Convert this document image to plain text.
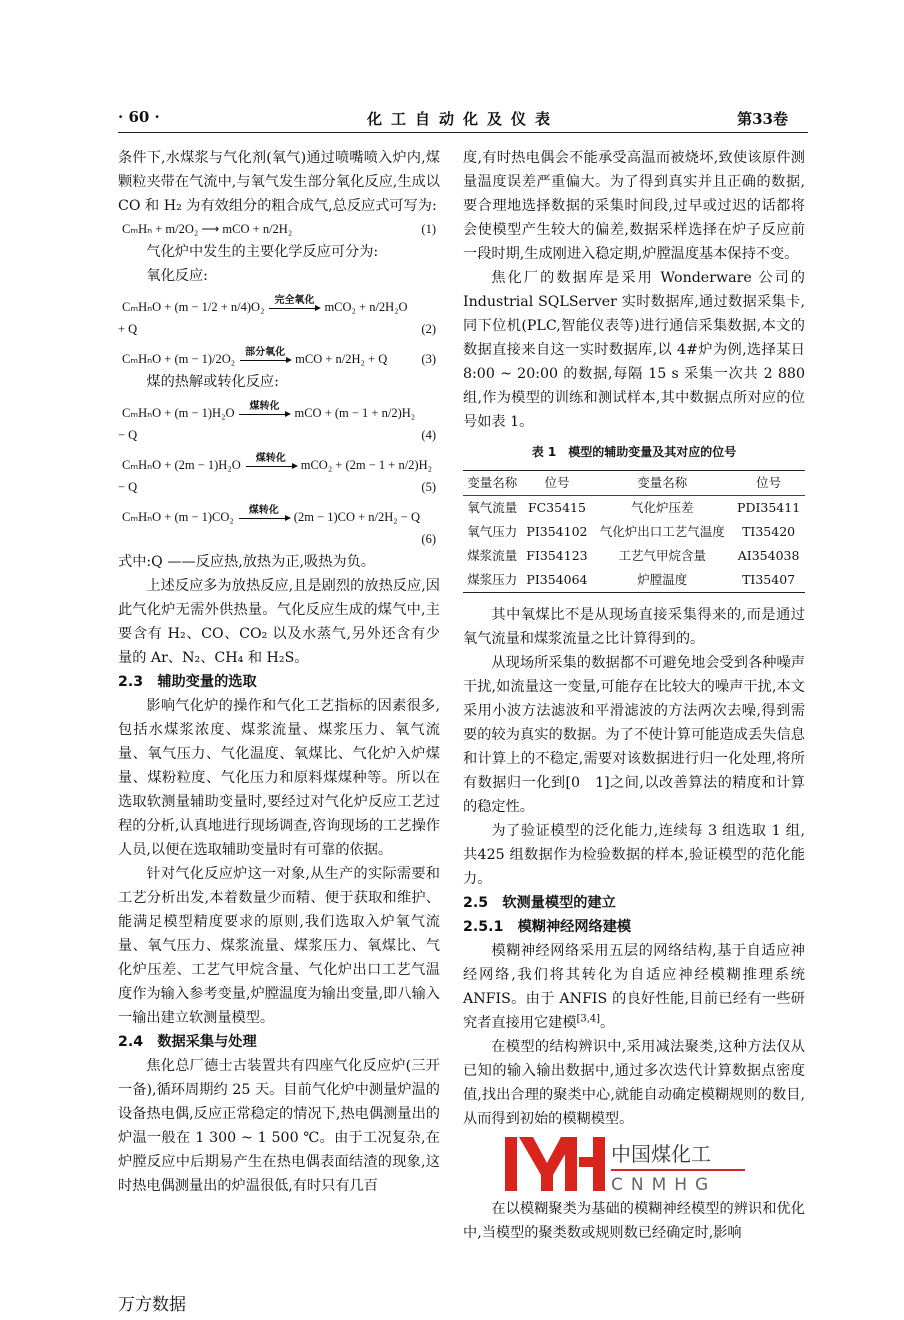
· 60 ·	化工自动化及仪表	第33卷

条件下,水煤浆与气化剂(氧气)通过喷嘴喷入炉内,煤颗粒夹带在气流中,与氧气发生部分氧化反应,生成以 CO 和 H₂ 为有效组分的粗合成气,总反应式可写为:

CₘHₙ + m/2O₂ ⟶ mCO + n/2H₂	(1)

气化炉中发生的主要化学反应可分为:

氧化反应:

CₘHₙO + (m − 1/2 + n/4)O₂ 完全氧化 mCO₂ + n/2H₂O
+ Q	(2)
CₘHₙO + (m − 1)/2O₂ 部分氧化 mCO + n/2H₂ + Q	(3)

煤的热解或转化反应:

CₘHₙO + (m − 1)H₂O 煤转化 mCO + (m − 1 + n/2)H₂
− Q	(4)
CₘHₙO + (2m − 1)H₂O 煤转化 mCO₂ + (2m − 1 + n/2)H₂
− Q	(5)
CₘHₙO + (m − 1)CO₂ 煤转化 (2m − 1)CO + n/2H₂ − Q
(6)

式中:Q ——反应热,放热为正,吸热为负。

上述反应多为放热反应,且是剧烈的放热反应,因此气化炉无需外供热量。气化反应生成的煤气中,主要含有 H₂、CO、CO₂ 以及水蒸气,另外还含有少量的 Ar、N₂、CH₄ 和 H₂S。

2.3　辅助变量的选取

影响气化炉的操作和气化工艺指标的因素很多,包括水煤浆浓度、煤浆流量、煤浆压力、氧气流量、氧气压力、气化温度、氧煤比、气化炉入炉煤量、煤粉粒度、气化压力和原料煤煤种等。所以在选取软测量辅助变量时,要经过对气化炉反应工艺过程的分析,认真地进行现场调查,咨询现场的工艺操作人员,以便在选取辅助变量时有可靠的依据。

针对气化反应炉这一对象,从生产的实际需要和工艺分析出发,本着数量少而精、便于获取和维护、能满足模型精度要求的原则,我们选取入炉氧气流量、氧气压力、煤浆流量、煤浆压力、氧煤比、气化炉压差、工艺气甲烷含量、气化炉出口工艺气温度作为输入参考变量,炉膛温度为输出变量,即八输入一输出建立软测量模型。

2.4　数据采集与处理

焦化总厂德士古装置共有四座气化反应炉(三开一备),循环周期约 25 天。目前气化炉中测量炉温的设备热电偶,反应正常稳定的情况下,热电偶测量出的炉温一般在 1 300 ~ 1 500 ℃。由于工况复杂,在炉膛反应中后期易产生在热电偶表面结渣的现象,这时热电偶测量出的炉温很低,有时只有几百

度,有时热电偶会不能承受高温而被烧坏,致使该原件测量温度误差严重偏大。为了得到真实并且正确的数据,要合理地选择数据的采集时间段,过早或过迟的话都将会使模型产生较大的偏差,数据采样选择在炉子反应前一段时期,生成刚进入稳定期,炉膛温度基本保持不变。

焦化厂的数据库是采用 Wonderware 公司的 Industrial SQLServer 实时数据库,通过数据采集卡,同下位机(PLC,智能仪表等)进行通信采集数据,本文的数据直接来自这一实时数据库,以 4#炉为例,选择某日 8:00 ~ 20:00 的数据,每隔 15 s 采集一次共 2 880组,作为模型的训练和测试样本,其中数据点所对应的位号如表 1。

表 1　模型的辅助变量及其对应的位号
变量名称	位号	变量名称	位号
氧气流量	FC35415	气化炉压差	PDI35411
氧气压力	PI354102	气化炉出口工艺气温度	TI35420
煤浆流量	FI354123	工艺气甲烷含量	AI354038
煤浆压力	PI354064	炉膛温度	TI35407

其中氧煤比不是从现场直接采集得来的,而是通过氧气流量和煤浆流量之比计算得到的。

从现场所采集的数据都不可避免地会受到各种噪声干扰,如流量这一变量,可能存在比较大的噪声干扰,本文采用小波方法滤波和平滑滤波的方法两次去噪,得到需要的较为真实的数据。为了不使计算可能造成丢失信息和计算上的不稳定,需要对该数据进行归一化处理,将所有数据归一化到[0　1]之间,以改善算法的精度和计算的稳定性。

为了验证模型的泛化能力,连续每 3 组选取 1 组,共425 组数据作为检验数据的样本,验证模型的范化能力。

2.5　软测量模型的建立
2.5.1　模糊神经网络建模

模糊神经网络采用五层的网络结构,基于自适应神经网络,我们将其转化为自适应神经模糊推理系统 ANFIS。由于 ANFIS 的良好性能,目前已经有一些研究者直接用它建模[3,4]。

在模型的结构辨识中,采用减法聚类,这种方法仅从已知的输入输出数据中,通过多次迭代计算数据点密度值,找出合理的聚类中心,就能自动确定模糊规则的数目,从而得到初始的模糊模型。

中国煤化工
CNMHG

在以模糊聚类为基础的模糊神经模型的辨识和优化中,当模型的聚类数或规则数已经确定时,影响

万方数据
